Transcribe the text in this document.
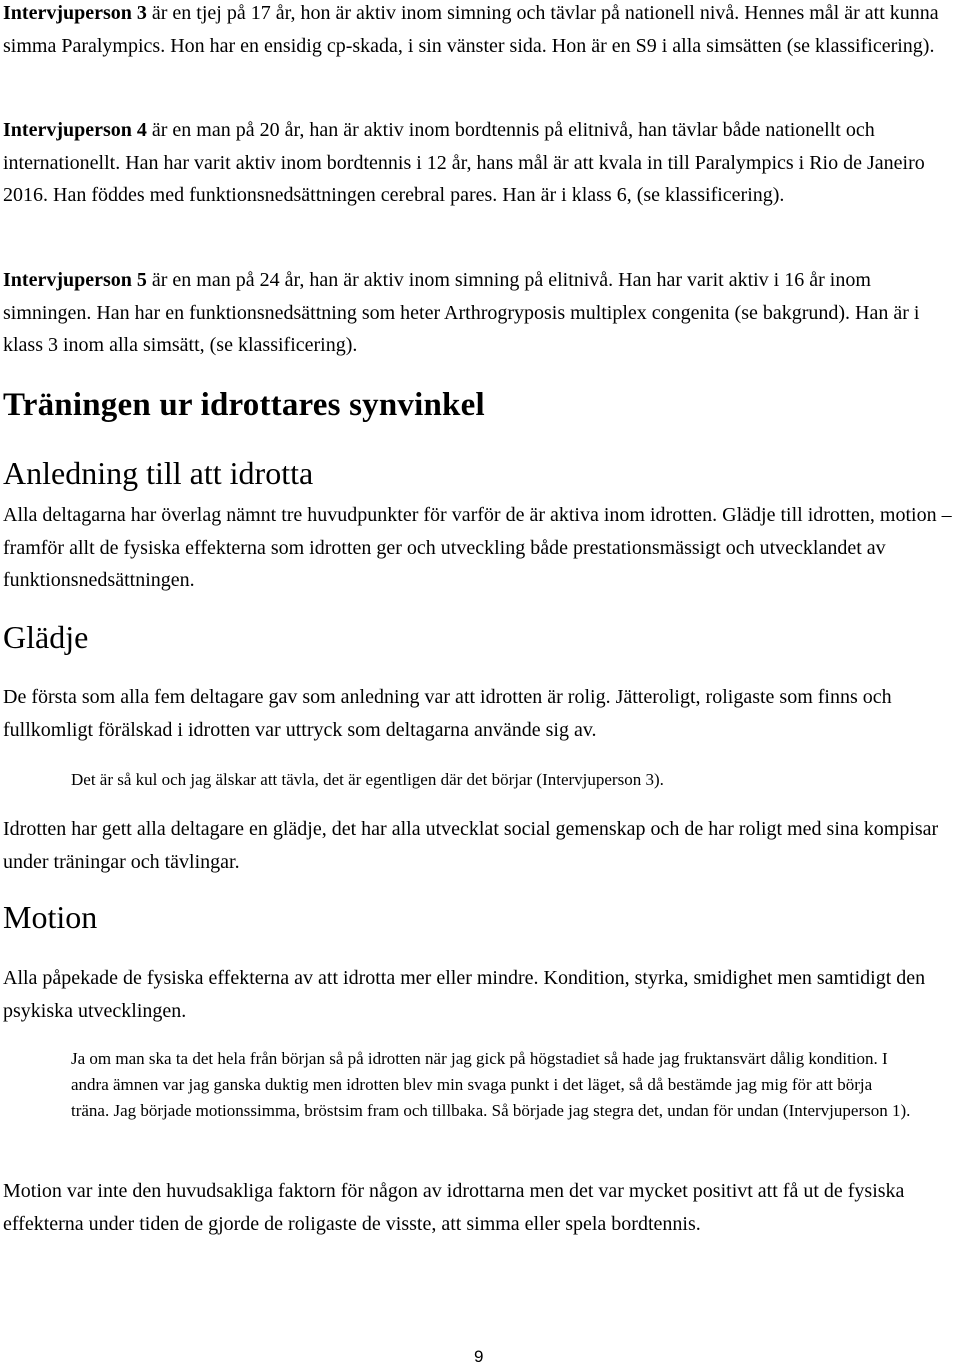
Intervjuperson 3 är en tjej på 17 år, hon är aktiv inom simning och tävlar på nationell nivå. Hennes mål är att kunna simma Paralympics. Hon har en ensidig cp-skada, i sin vänster sida. Hon är en S9 i alla simsätten (se klassificering).

Intervjuperson 4 är en man på 20 år, han är aktiv inom bordtennis på elitnivå, han tävlar både nationellt och internationellt. Han har varit aktiv inom bordtennis i 12 år, hans mål är att kvala in till Paralympics i Rio de Janeiro 2016. Han föddes med funktionsnedsättningen cerebral pares. Han är i klass 6, (se klassificering).

Intervjuperson 5 är en man på 24 år, han är aktiv inom simning på elitnivå. Han har varit aktiv i 16 år inom simningen. Han har en funktionsnedsättning som heter Arthrogryposis multiplex congenita (se bakgrund). Han är i klass 3 inom alla simsätt, (se klassificering).

Träningen ur idrottares synvinkel
Anledning till att idrotta

Alla deltagarna har överlag nämnt tre huvudpunkter för varför de är aktiva inom idrotten. Glädje till idrotten, motion – framför allt de fysiska effekterna som idrotten ger och utveckling både prestationsmässigt och utvecklandet av funktionsnedsättningen.

Glädje

De första som alla fem deltagare gav som anledning var att idrotten är rolig. Jätteroligt, roligaste som finns och fullkomligt förälskad i idrotten var uttryck som deltagarna använde sig av.

Det är så kul och jag älskar att tävla, det är egentligen där det börjar (Intervjuperson 3).

Idrotten har gett alla deltagare en glädje, det har alla utvecklat social gemenskap och de har roligt med sina kompisar under träningar och tävlingar.

Motion

Alla påpekade de fysiska effekterna av att idrotta mer eller mindre. Kondition, styrka, smidighet men samtidigt den psykiska utvecklingen.

Ja om man ska ta det hela från början så på idrotten när jag gick på högstadiet så hade jag fruktansvärt dålig kondition. I andra ämnen var jag ganska duktig men idrotten blev min svaga punkt i det läget, så då bestämde jag mig för att börja träna. Jag började motionssimma, bröstsim fram och tillbaka. Så började jag stegra det, undan för undan (Intervjuperson 1).

Motion var inte den huvudsakliga faktorn för någon av idrottarna men det var mycket positivt att få ut de fysiska effekterna under tiden de gjorde de roligaste de visste, att simma eller spela bordtennis.

9
